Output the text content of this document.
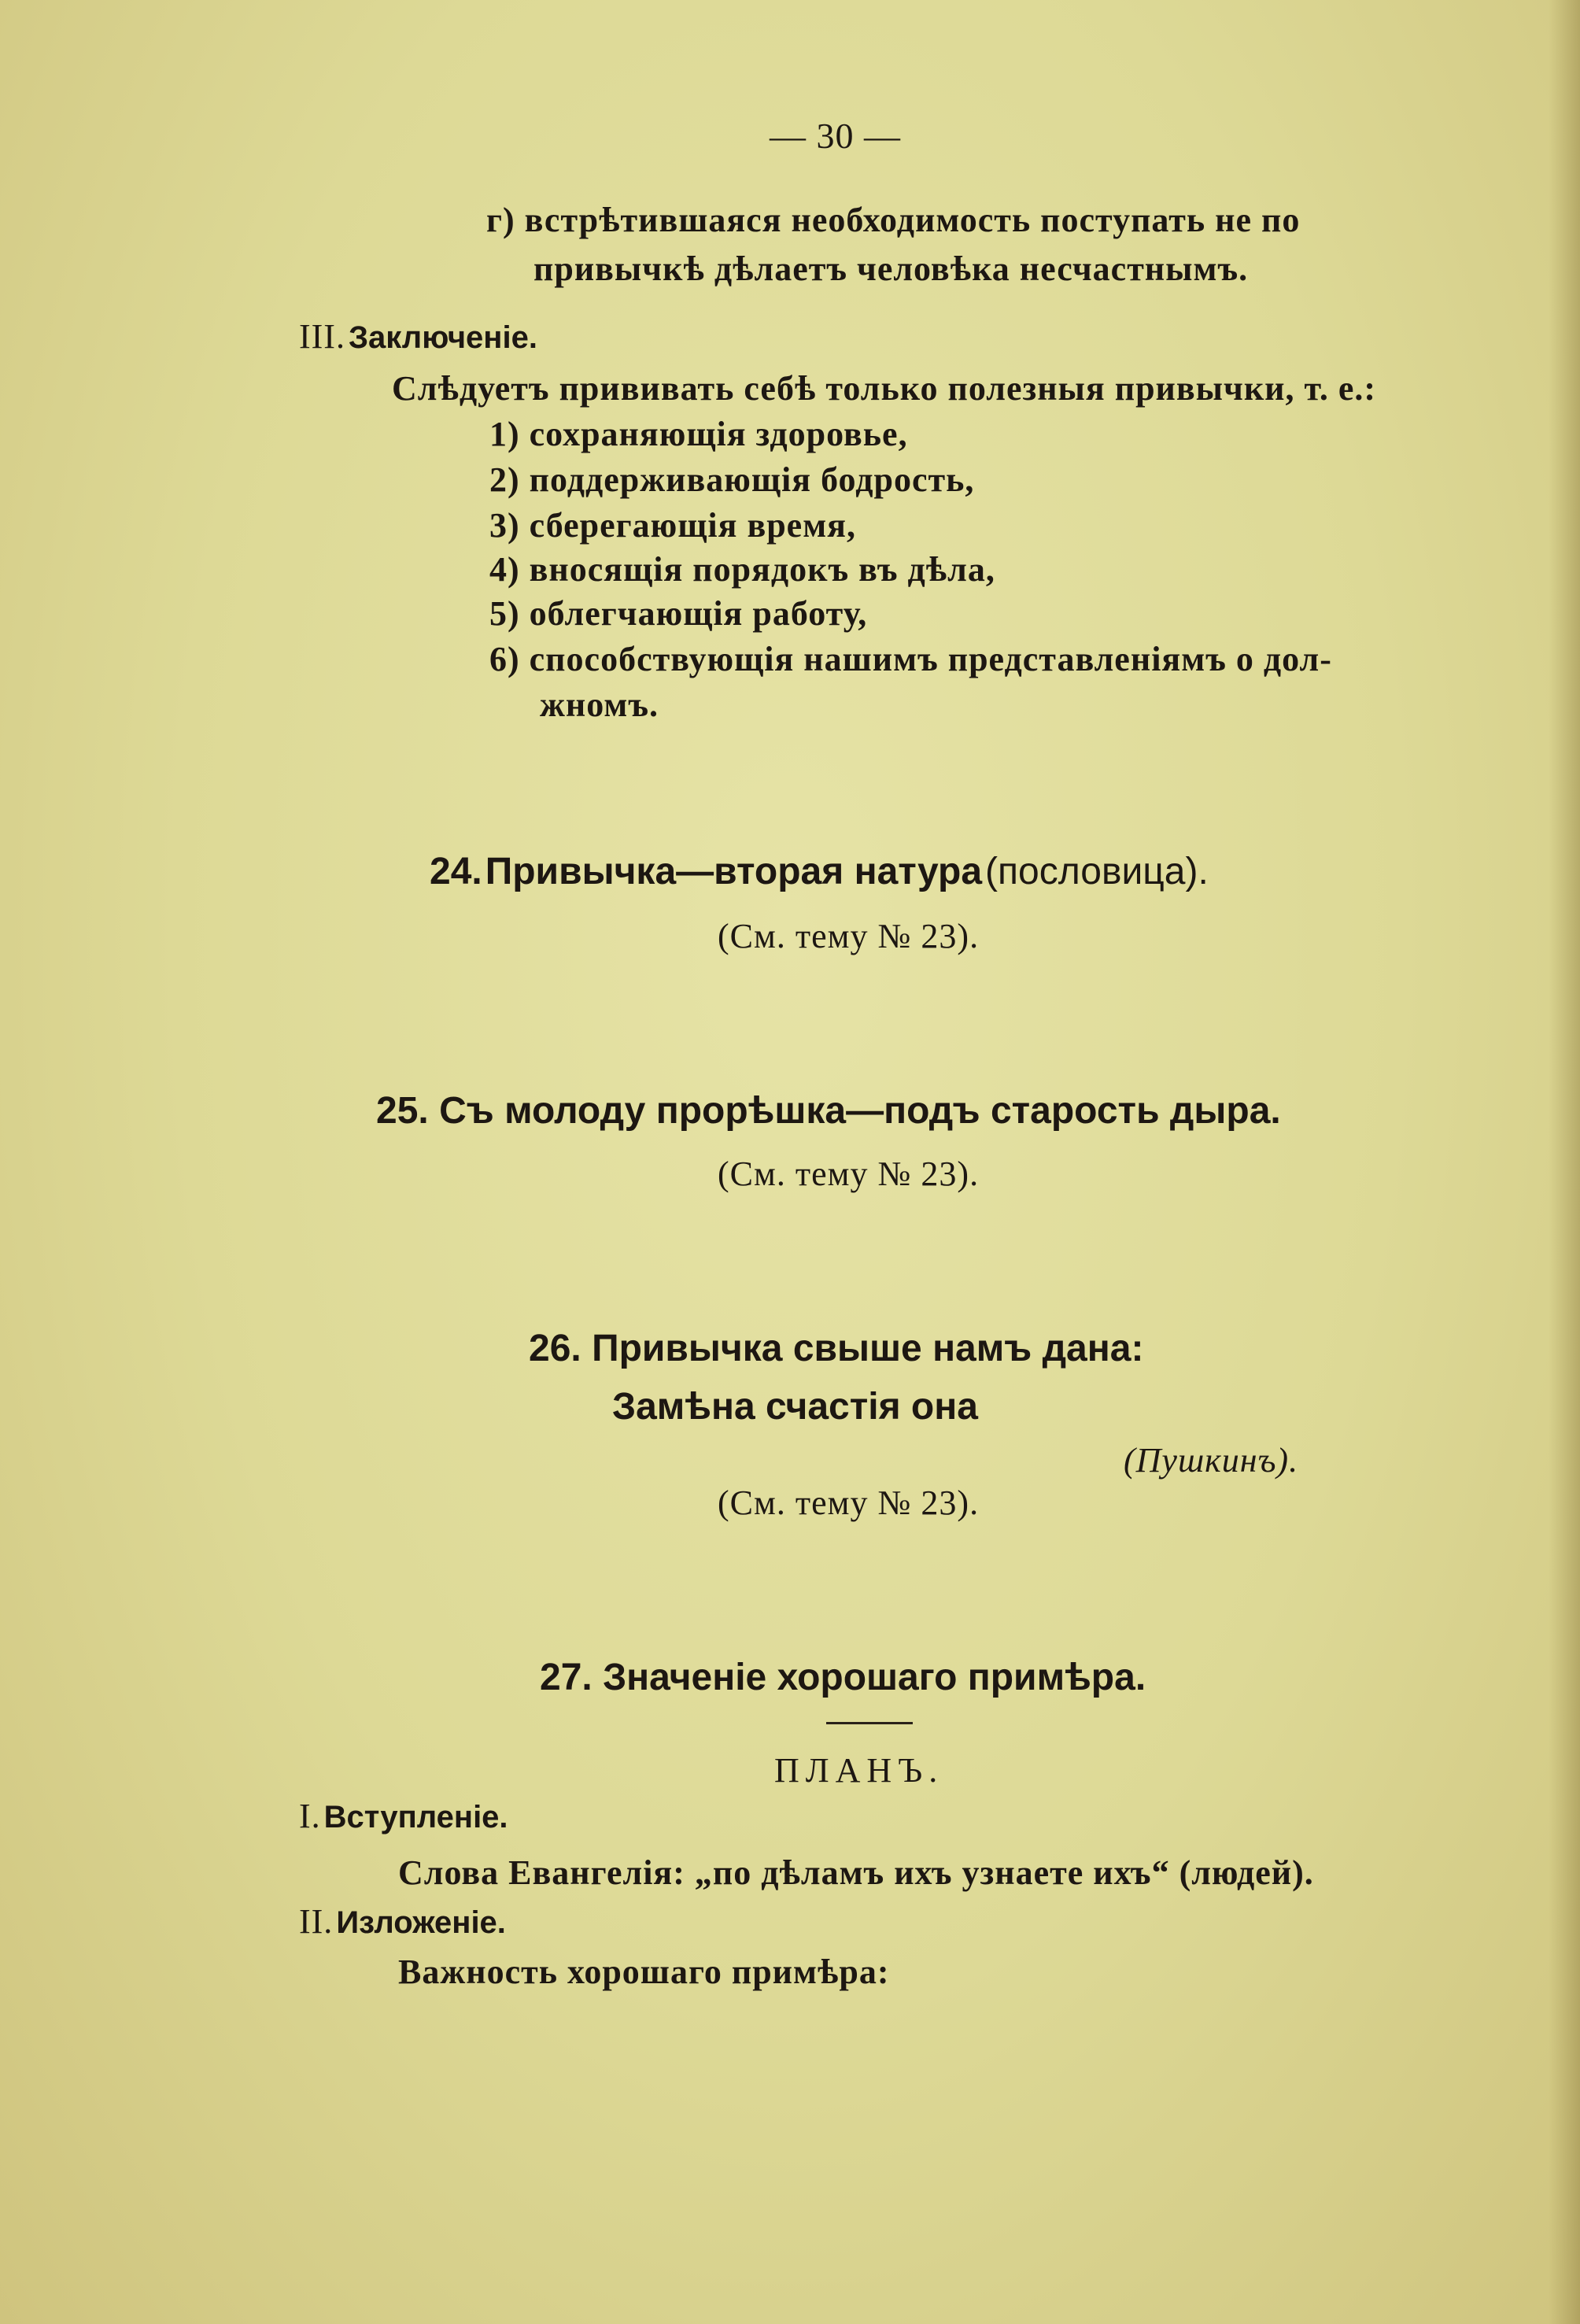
— 30 —
г) встрѣтившаяся необходимость поступать не по
привычкѣ дѣлаетъ человѣка несчастнымъ.
III. Заключеніе.
Слѣдуетъ прививать себѣ только полезныя привычки, т. е.:
1) сохраняющія здоровье,
2) поддерживающія бодрость,
3) сберегающія время,
4) вносящія порядокъ въ дѣла,
5) облегчающія работу,
6) способствующія нашимъ представленіямъ о дол-
жномъ.
24. Привычка—вторая натура (пословица).
(См. тему № 23).
25. Съ молоду прорѣшка—подъ старость дыра.
(См. тему № 23).
26. Привычка свыше намъ дана:
Замѣна счастія она
(Пушкинъ).
(См. тему № 23).
27. Значеніе хорошаго примѣра.
ПЛАНЪ.
I. Вступленіе.
Слова Евангелія: „по дѣламъ ихъ узнаете ихъ“ (людей).
II. Изложеніе.
Важность хорошаго примѣра:
